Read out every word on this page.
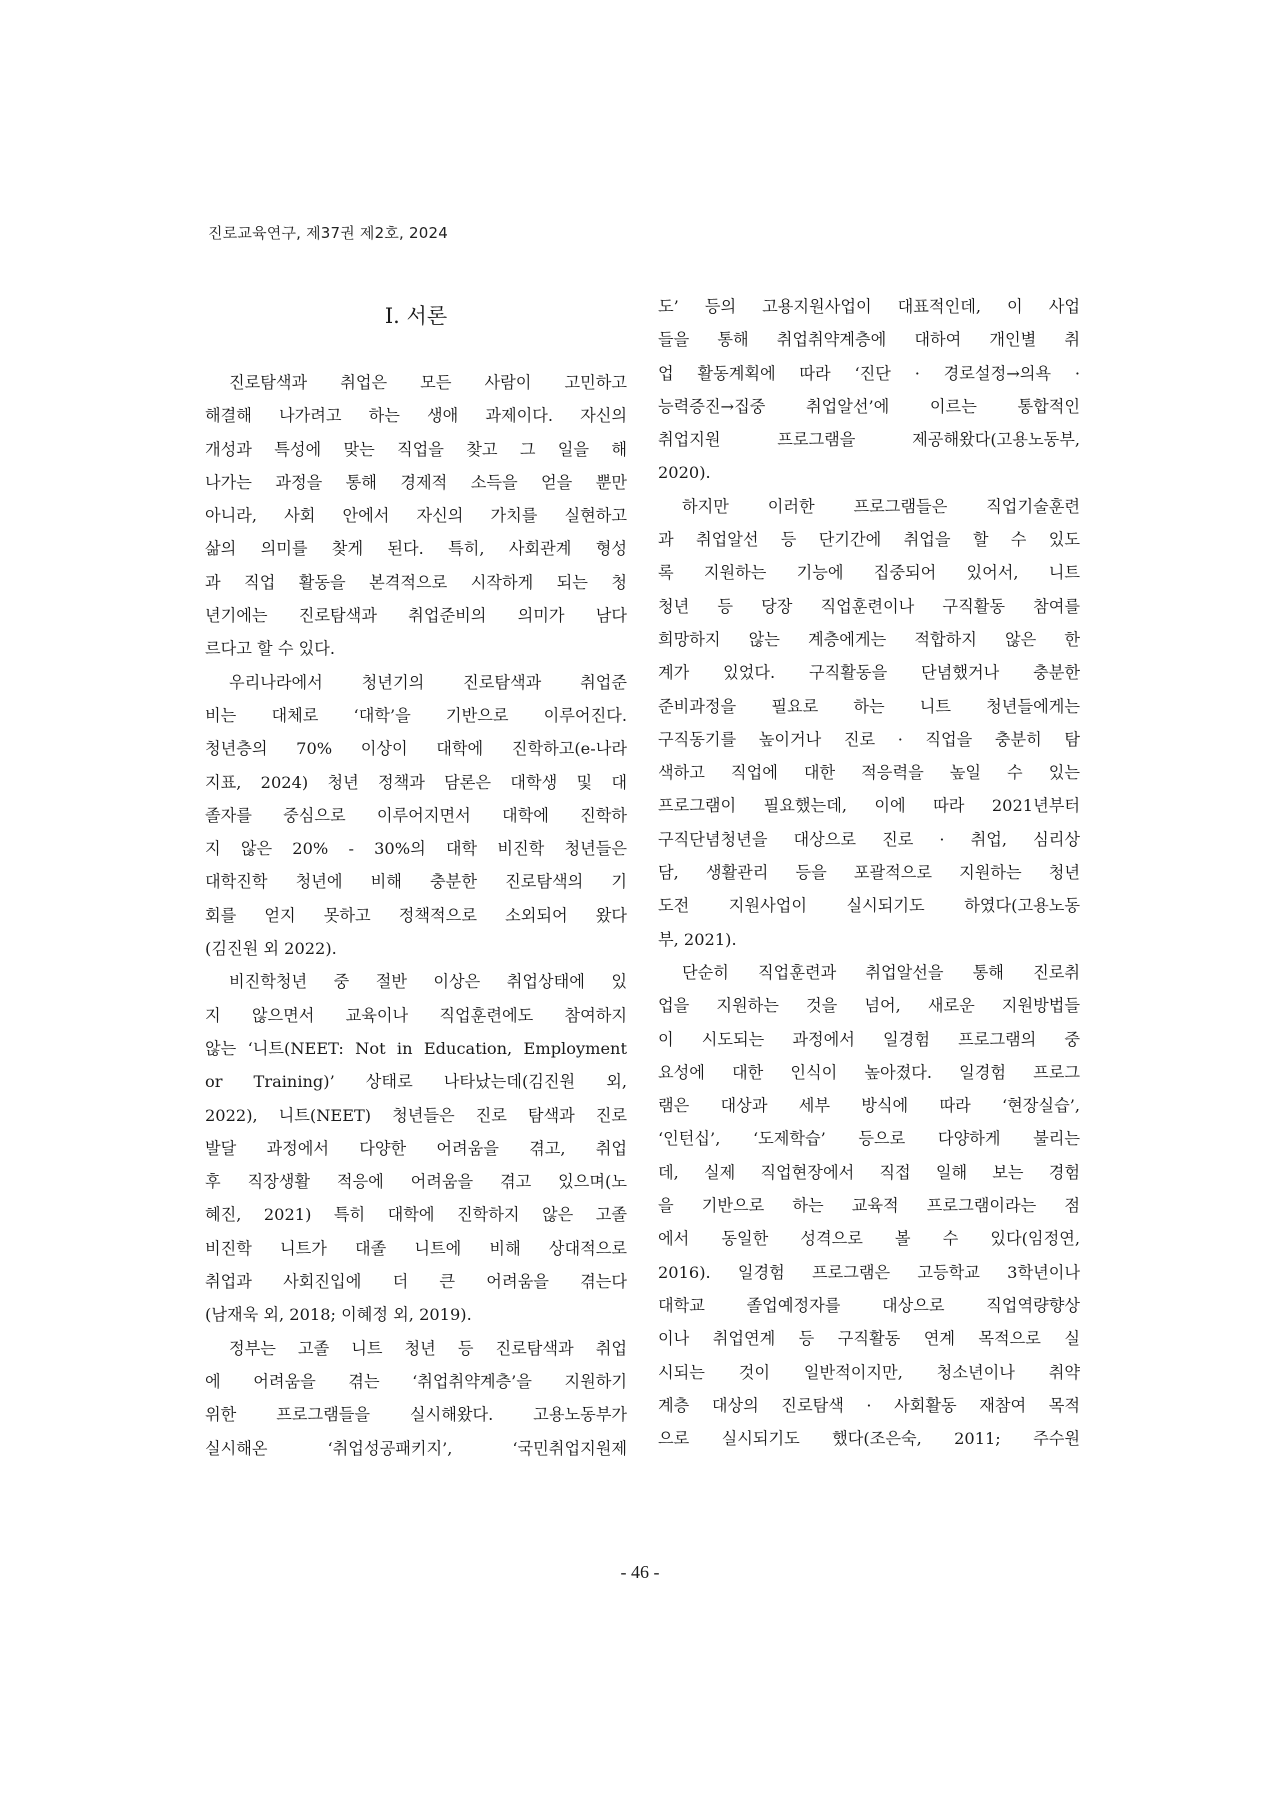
진로교육연구, 제37권 제2호, 2024
Ⅰ. 서론
진로탐색과 취업은 모든 사람이 고민하고
해결해 나가려고 하는 생애 과제이다. 자신의
개성과 특성에 맞는 직업을 찾고 그 일을 해
나가는 과정을 통해 경제적 소득을 얻을 뿐만
아니라, 사회 안에서 자신의 가치를 실현하고
삶의 의미를 찾게 된다. 특히, 사회관계 형성
과 직업 활동을 본격적으로 시작하게 되는 청
년기에는 진로탐색과 취업준비의 의미가 남다
르다고 할 수 있다.
우리나라에서 청년기의 진로탐색과 취업준
비는 대체로 ‘대학’을 기반으로 이루어진다.
청년층의 70% 이상이 대학에 진학하고(e-나라
지표, 2024) 청년 정책과 담론은 대학생 및 대
졸자를 중심으로 이루어지면서 대학에 진학하
지 않은 20% - 30%의 대학 비진학 청년들은
대학진학 청년에 비해 충분한 진로탐색의 기
회를 얻지 못하고 정책적으로 소외되어 왔다
(김진원 외 2022).
비진학청년 중 절반 이상은 취업상태에 있
지 않으면서 교육이나 직업훈련에도 참여하지
않는 ‘니트(NEET: Not in Education, Employment
or Training)’ 상태로 나타났는데(김진원 외,
2022), 니트(NEET) 청년들은 진로 탐색과 진로
발달 과정에서 다양한 어려움을 겪고, 취업
후 직장생활 적응에 어려움을 겪고 있으며(노
혜진, 2021) 특히 대학에 진학하지 않은 고졸
비진학 니트가 대졸 니트에 비해 상대적으로
취업과 사회진입에 더 큰 어려움을 겪는다
(남재욱 외, 2018; 이혜정 외, 2019).
정부는 고졸 니트 청년 등 진로탐색과 취업
에 어려움을 겪는 ‘취업취약계층’을 지원하기
위한 프로그램들을 실시해왔다. 고용노동부가
실시해온 ‘취업성공패키지’, ‘국민취업지원제
도’ 등의 고용지원사업이 대표적인데, 이 사업
들을 통해 취업취약계층에 대하여 개인별 취
업 활동계획에 따라 ‘진단 · 경로설정→의욕 ·
능력증진→집중 취업알선’에 이르는 통합적인
취업지원 프로그램을 제공해왔다(고용노동부,
2020).
하지만 이러한 프로그램들은 직업기술훈련
과 취업알선 등 단기간에 취업을 할 수 있도
록 지원하는 기능에 집중되어 있어서, 니트
청년 등 당장 직업훈련이나 구직활동 참여를
희망하지 않는 계층에게는 적합하지 않은 한
계가 있었다. 구직활동을 단념했거나 충분한
준비과정을 필요로 하는 니트 청년들에게는
구직동기를 높이거나 진로 · 직업을 충분히 탐
색하고 직업에 대한 적응력을 높일 수 있는
프로그램이 필요했는데, 이에 따라 2021년부터
구직단념청년을 대상으로 진로 · 취업, 심리상
담, 생활관리 등을 포괄적으로 지원하는 청년
도전 지원사업이 실시되기도 하였다(고용노동
부, 2021).
단순히 직업훈련과 취업알선을 통해 진로취
업을 지원하는 것을 넘어, 새로운 지원방법들
이 시도되는 과정에서 일경험 프로그램의 중
요성에 대한 인식이 높아졌다. 일경험 프로그
램은 대상과 세부 방식에 따라 ‘현장실습’,
‘인턴십’, ‘도제학습’ 등으로 다양하게 불리는
데, 실제 직업현장에서 직접 일해 보는 경험
을 기반으로 하는 교육적 프로그램이라는 점
에서 동일한 성격으로 볼 수 있다(임정연,
2016). 일경험 프로그램은 고등학교 3학년이나
대학교 졸업예정자를 대상으로 직업역량향상
이나 취업연계 등 구직활동 연계 목적으로 실
시되는 것이 일반적이지만, 청소년이나 취약
계층 대상의 진로탐색 · 사회활동 재참여 목적
으로 실시되기도 했다(조은숙, 2011; 주수원
- 46 -
